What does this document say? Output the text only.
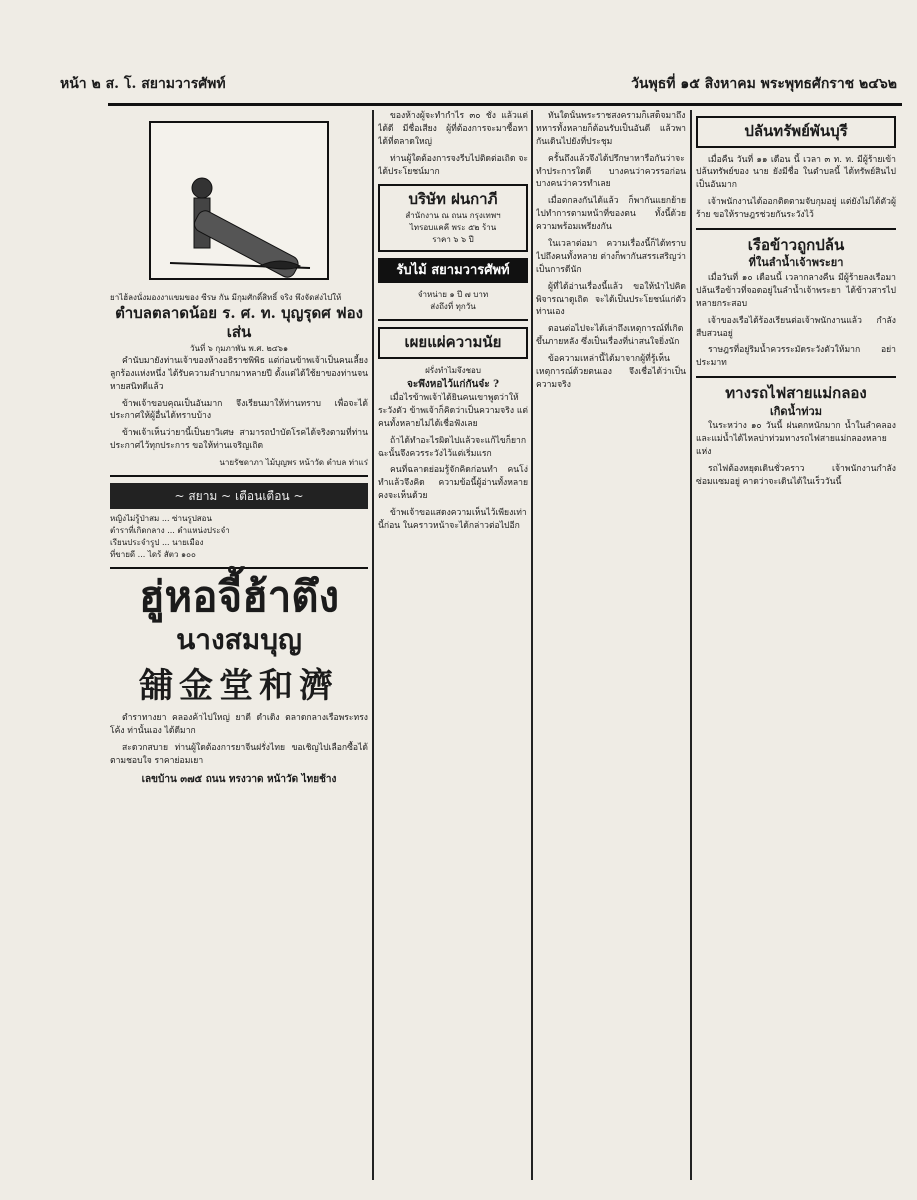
หน้า ๒ ส. โ. สยามวารศัพท์	วันพุธที่ ๑๕ สิงหาคม พระพุทธศักราช ๒๔๖๒
ยาไฮ้ลงนั่งมองงาแขมของ ซีรษ กัน มีกุมศักดิ์สิทธิ์ จริง พึงจัดส่งไปให้
ตำบลตลาดน้อย ร. ศ. ท. บุญรุดศ ฟองเส่น
วันที่ ๖ กุมภาพัน พ.ศ. ๒๔๖๑

คำนับมายังท่านเจ้าของห้างอธิราชพิพิธ แต่ก่อนข้าพเจ้าเป็นคนเลี้ยงลูกร้องแห่งหนึ่ง ได้รับความลำบากมาหลายปี ตั้งแต่ได้ใช้ยาของท่านจนหายสนิทดีแล้ว

ข้าพเจ้าขอบคุณเป็นอันมาก จึงเรียนมาให้ท่านทราบ เพื่อจะได้ประกาศให้ผู้อื่นได้ทราบบ้าง

ข้าพเจ้าเห็นว่ายานี้เป็นยาวิเศษ สามารถบำบัดโรคได้จริงตามที่ท่านประกาศไว้ทุกประการ ขอให้ท่านเจริญเถิด

นายรัชดาภา ไม้บุญพร หน้าวัด ตำบล ท่าแร่
~ สยาม ~ เตือนเตือน ~
หญิงไม่รู้ป่าสม ... ซ่านรูปสอน
ตำราที่เกิดกลาง ... ตำแหน่งประจำ
เรียนประจำรูป ... นายเมือง
ที่ขายดี ... ไดร้ สัตว ๑๐๐
ฮู่หอจี้ฮ้าตึง
นางสมบุญ
舖金堂和濟

ตำราทางยา คลองค้าไปใหญ่ ยาดี ดำเดิง ตลาดกลางเรือพระทรงโค้ง ท่านั้นเอง ได้ดีมาก

สะดวกสบาย ท่านผู้ใดต้องการยาจีนฝรั่งไทย ขอเชิญไปเลือกซื้อได้ตามชอบใจ ราคาย่อมเยา

เลขบ้าน ๓๗๕ ถนน ทรงวาด หน้าวัด ไทยช้าง

ของห้างผู้จะทำกำไร ๓๐ ชั่ง แล้วแต่ได้ดี มีชื่อเสียง ผู้ที่ต้องการจะมาซื้อหาได้ที่ตลาดใหญ่

ท่านผู้ใดต้องการจงรีบไปติดต่อเถิด จะได้ประโยชน์มาก

บริษัท ฝนกาภี
สำนักงาน ณ ถนน กรุงเทพฯ
ไทรอบแคคี พระ ๕๒ ร้าน
ราคา ๖ ๖ ปี
รับไม้ สยามวารศัพท์
จำหน่าย ๑ ปี ๗ บาท
ส่งถึงที่ ทุกวัน
เผยแผ่ความนัย
ฝรั่งทำไมจึงชอบ
จะพึงหอไว้แก่กันจ๋ะ ?

เมื่อไรข้าพเจ้าได้ยินคนเขาพูดว่าให้ระวังตัว ข้าพเจ้าก็คิดว่าเป็นความจริง แต่คนทั้งหลายไม่ได้เชื่อฟังเลย

ถ้าได้ทำอะไรผิดไปแล้วจะแก้ไขก็ยาก ฉะนั้นจึงควรระวังไว้แต่เริ่มแรก

คนที่ฉลาดย่อมรู้จักคิดก่อนทำ คนโง่ทำแล้วจึงคิด ความข้อนี้ผู้อ่านทั้งหลายคงจะเห็นด้วย

ข้าพเจ้าขอแสดงความเห็นไว้เพียงเท่านี้ก่อน ในคราวหน้าจะได้กล่าวต่อไปอีก

ทันใดนั้นพระราชสงครามก็เสด็จมาถึง ทหารทั้งหลายก็ต้อนรับเป็นอันดี แล้วพากันเดินไปยังที่ประชุม

ครั้นถึงแล้วจึงได้ปรึกษาหารือกันว่าจะทำประการใดดี บางคนว่าควรรอก่อน บางคนว่าควรทำเลย

เมื่อตกลงกันได้แล้ว ก็พากันแยกย้ายไปทำการตามหน้าที่ของตน ทั้งนี้ด้วยความพร้อมเพรียงกัน

ในเวลาต่อมา ความเรื่องนี้ก็ได้ทราบไปถึงคนทั้งหลาย ต่างก็พากันสรรเสริญว่าเป็นการดีนัก

ผู้ที่ได้อ่านเรื่องนี้แล้ว ขอให้นำไปคิดพิจารณาดูเถิด จะได้เป็นประโยชน์แก่ตัวท่านเอง

ตอนต่อไปจะได้เล่าถึงเหตุการณ์ที่เกิดขึ้นภายหลัง ซึ่งเป็นเรื่องที่น่าสนใจยิ่งนัก

ข้อความเหล่านี้ได้มาจากผู้ที่รู้เห็นเหตุการณ์ด้วยตนเอง จึงเชื่อได้ว่าเป็นความจริง

ปลันทรัพย์พันบุรี

เมื่อคืน วันที่ ๑๑ เดือน นี้ เวลา ๓ ท. ท. มีผู้ร้ายเข้าปล้นทรัพย์ของ นาย ยังมีชื่อ ในตำบลนี้ ได้ทรัพย์สินไปเป็นอันมาก

เจ้าพนักงานได้ออกติดตามจับกุมอยู่ แต่ยังไม่ได้ตัวผู้ร้าย ขอให้ราษฎรช่วยกันระวังไว้

เรือข้าวถูกปล้น
ที่ในลำน้ำเจ้าพระยา

เมื่อวันที่ ๑๐ เดือนนี้ เวลากลางคืน มีผู้ร้ายลงเรือมาปล้นเรือข้าวที่จอดอยู่ในลำน้ำเจ้าพระยา ได้ข้าวสารไปหลายกระสอบ

เจ้าของเรือได้ร้องเรียนต่อเจ้าพนักงานแล้ว กำลังสืบสวนอยู่

ราษฎรที่อยู่ริมน้ำควรระมัดระวังตัวให้มาก อย่าประมาท

ทางรถไฟสายแม่กลอง
เกิดน้ำท่วม

ในระหว่าง ๑๐ วันนี้ ฝนตกหนักมาก น้ำในลำคลองและแม่น้ำได้ไหลบ่าท่วมทางรถไฟสายแม่กลองหลายแห่ง

รถไฟต้องหยุดเดินชั่วคราว เจ้าพนักงานกำลังซ่อมแซมอยู่ คาดว่าจะเดินได้ในเร็ววันนี้
